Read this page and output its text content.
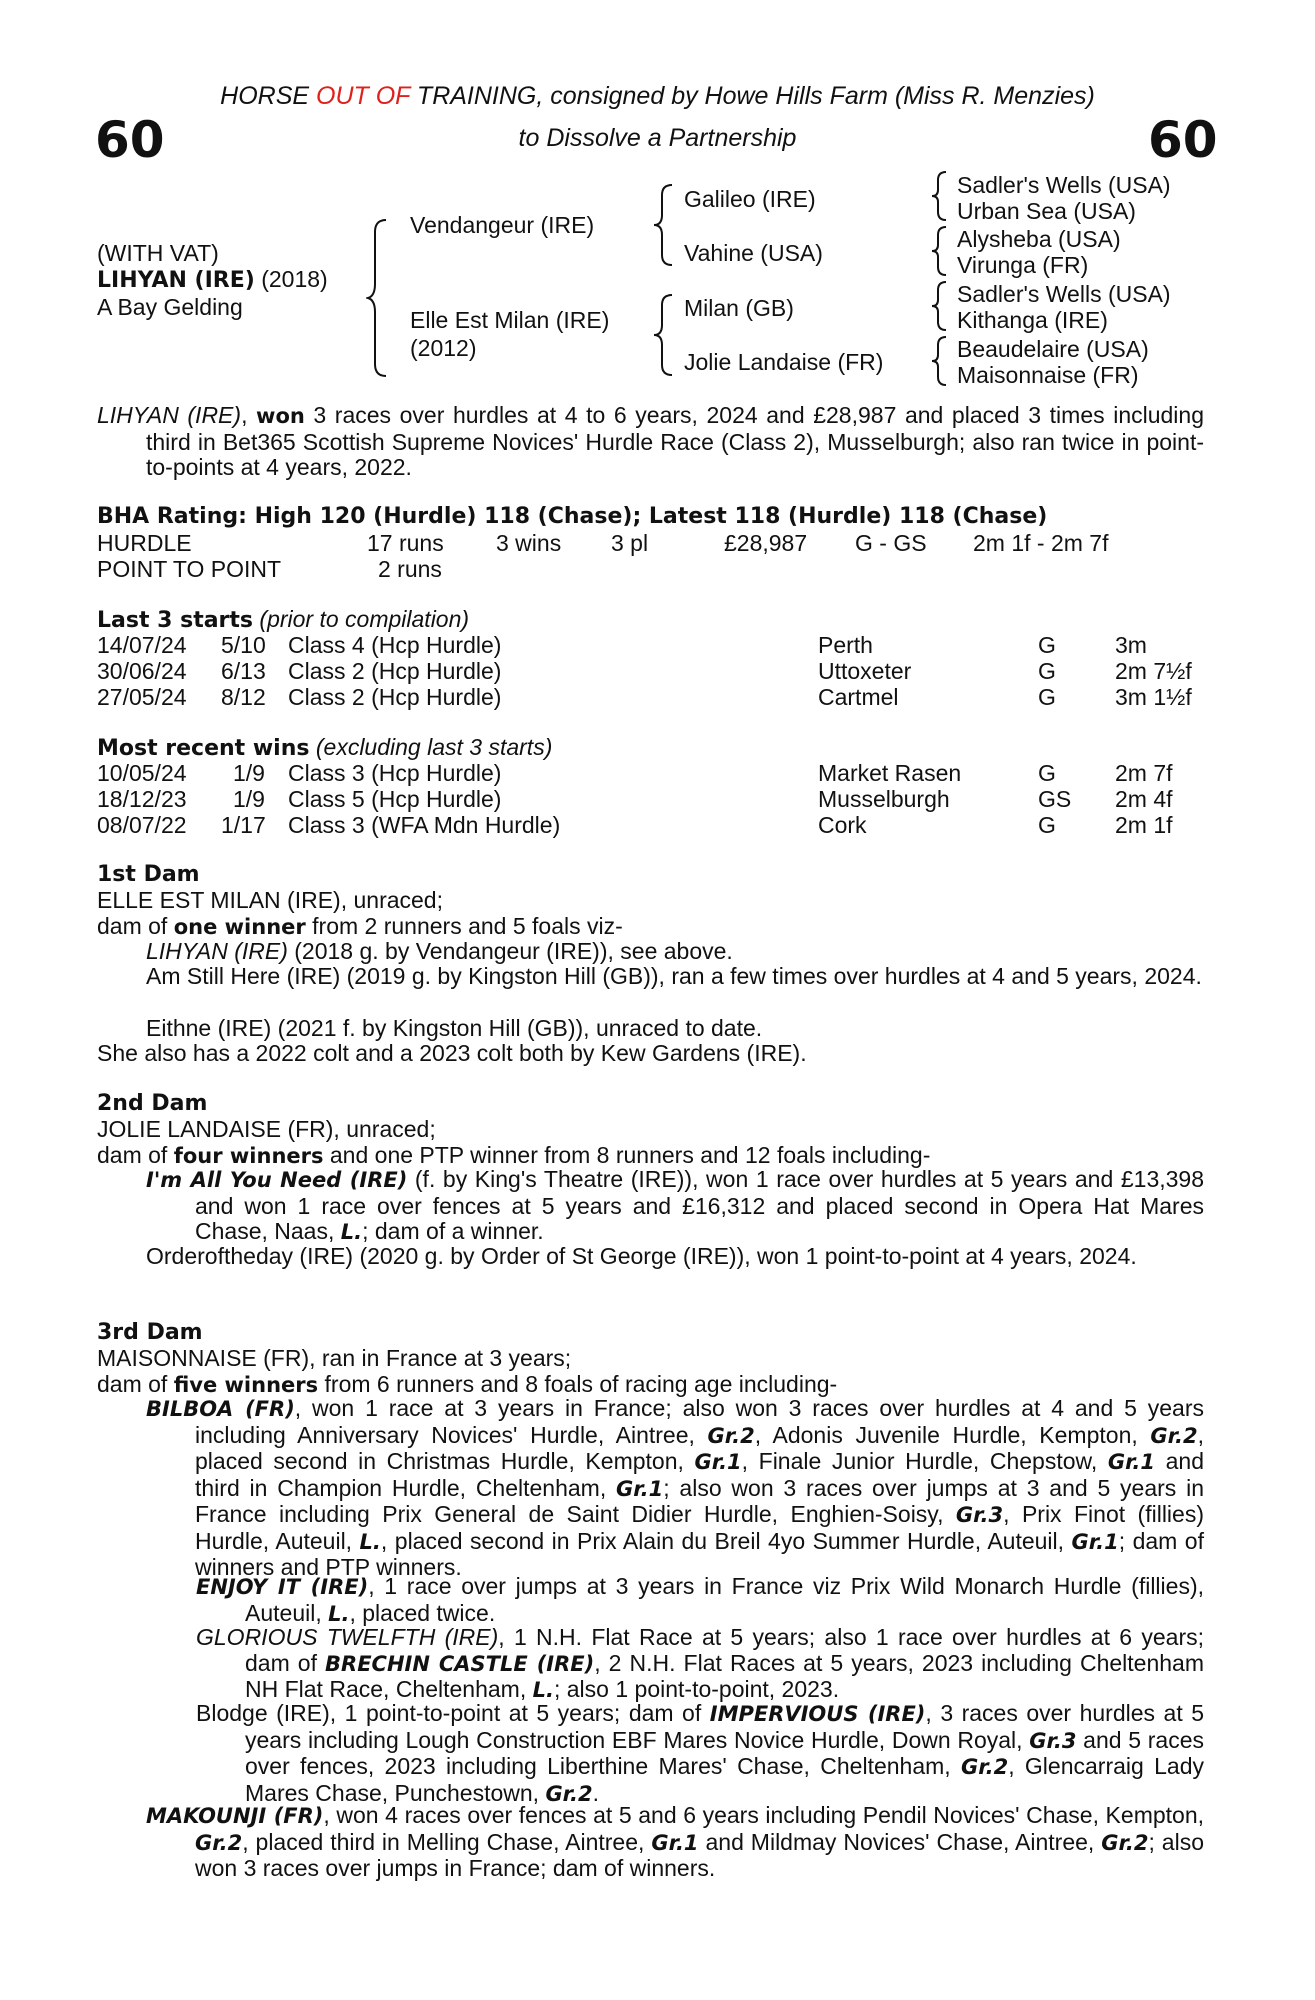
HORSE OUT OF TRAINING, consigned by Howe Hills Farm (Miss R. Menzies)
to Dissolve a Partnership
60	60
(WITH VAT)
LIHYAN (IRE) (2018)
A Bay Gelding
Vendangeur (IRE)
Elle Est Milan (IRE)
(2012)
Galileo (IRE)
Vahine (USA)
Milan (GB)
Jolie Landaise (FR)
Sadler's Wells (USA)
Urban Sea (USA)
Alysheba (USA)
Virunga (FR)
Sadler's Wells (USA)
Kithanga (IRE)
Beaudelaire (USA)
Maisonnaise (FR)
LIHYAN (IRE), won 3 races over hurdles at 4 to 6 years, 2024 and £28,987 and placed 3 times including third in Bet365 Scottish Supreme Novices' Hurdle Race (Class 2), Musselburgh; also ran twice in point-to-points at 4 years, 2022.
BHA Rating: High 120 (Hurdle) 118 (Chase); Latest 118 (Hurdle) 118 (Chase)
HURDLE	17 runs 3 wins 3 pl	£28,987 G - GS 2m 1f - 2m 7f
POINT TO POINT	2 runs
Last 3 starts (prior to compilation)
14/07/24 5/10 Class 4 (Hcp Hurdle)	Perth	G	3m
30/06/24 6/13 Class 2 (Hcp Hurdle)	Uttoxeter	G	2m 7½f
27/05/24 8/12 Class 2 (Hcp Hurdle)	Cartmel	G	3m 1½f
Most recent wins (excluding last 3 starts)
10/05/24 1/9 Class 3 (Hcp Hurdle)	Market Rasen	G	2m 7f
18/12/23 1/9 Class 5 (Hcp Hurdle)	Musselburgh	GS 2m 4f
08/07/22 1/17 Class 3 (WFA Mdn Hurdle)	Cork	G	2m 1f
1st Dam
ELLE EST MILAN (IRE), unraced;
dam of one winner from 2 runners and 5 foals viz-
LIHYAN (IRE) (2018 g. by Vendangeur (IRE)), see above.
Am Still Here (IRE) (2019 g. by Kingston Hill (GB)), ran a few times over hurdles at 4 and 5 years, 2024.
Eithne (IRE) (2021 f. by Kingston Hill (GB)), unraced to date.
She also has a 2022 colt and a 2023 colt both by Kew Gardens (IRE).
2nd Dam
JOLIE LANDAISE (FR), unraced;
dam of four winners and one PTP winner from 8 runners and 12 foals including-
I'm All You Need (IRE) (f. by King's Theatre (IRE)), won 1 race over hurdles at 5 years and £13,398 and won 1 race over fences at 5 years and £16,312 and placed second in Opera Hat Mares Chase, Naas, L.; dam of a winner.
Orderoftheday (IRE) (2020 g. by Order of St George (IRE)), won 1 point-to-point at 4 years, 2024.
3rd Dam
MAISONNAISE (FR), ran in France at 3 years;
dam of five winners from 6 runners and 8 foals of racing age including-
BILBOA (FR), won 1 race at 3 years in France; also won 3 races over hurdles at 4 and 5 years including Anniversary Novices' Hurdle, Aintree, Gr.2, Adonis Juvenile Hurdle, Kempton, Gr.2, placed second in Christmas Hurdle, Kempton, Gr.1, Finale Junior Hurdle, Chepstow, Gr.1 and third in Champion Hurdle, Cheltenham, Gr.1; also won 3 races over jumps at 3 and 5 years in France including Prix General de Saint Didier Hurdle, Enghien-Soisy, Gr.3, Prix Finot (fillies) Hurdle, Auteuil, L., placed second in Prix Alain du Breil 4yo Summer Hurdle, Auteuil, Gr.1; dam of winners and PTP winners.
ENJOY IT (IRE), 1 race over jumps at 3 years in France viz Prix Wild Monarch Hurdle (fillies), Auteuil, L., placed twice.
GLORIOUS TWELFTH (IRE), 1 N.H. Flat Race at 5 years; also 1 race over hurdles at 6 years; dam of BRECHIN CASTLE (IRE), 2 N.H. Flat Races at 5 years, 2023 including Cheltenham NH Flat Race, Cheltenham, L.; also 1 point-to-point, 2023.
Blodge (IRE), 1 point-to-point at 5 years; dam of IMPERVIOUS (IRE), 3 races over hurdles at 5 years including Lough Construction EBF Mares Novice Hurdle, Down Royal, Gr.3 and 5 races over fences, 2023 including Liberthine Mares' Chase, Cheltenham, Gr.2, Glencarraig Lady Mares Chase, Punchestown, Gr.2.
MAKOUNJI (FR), won 4 races over fences at 5 and 6 years including Pendil Novices' Chase, Kempton, Gr.2, placed third in Melling Chase, Aintree, Gr.1 and Mildmay Novices' Chase, Aintree, Gr.2; also won 3 races over jumps in France; dam of winners.
